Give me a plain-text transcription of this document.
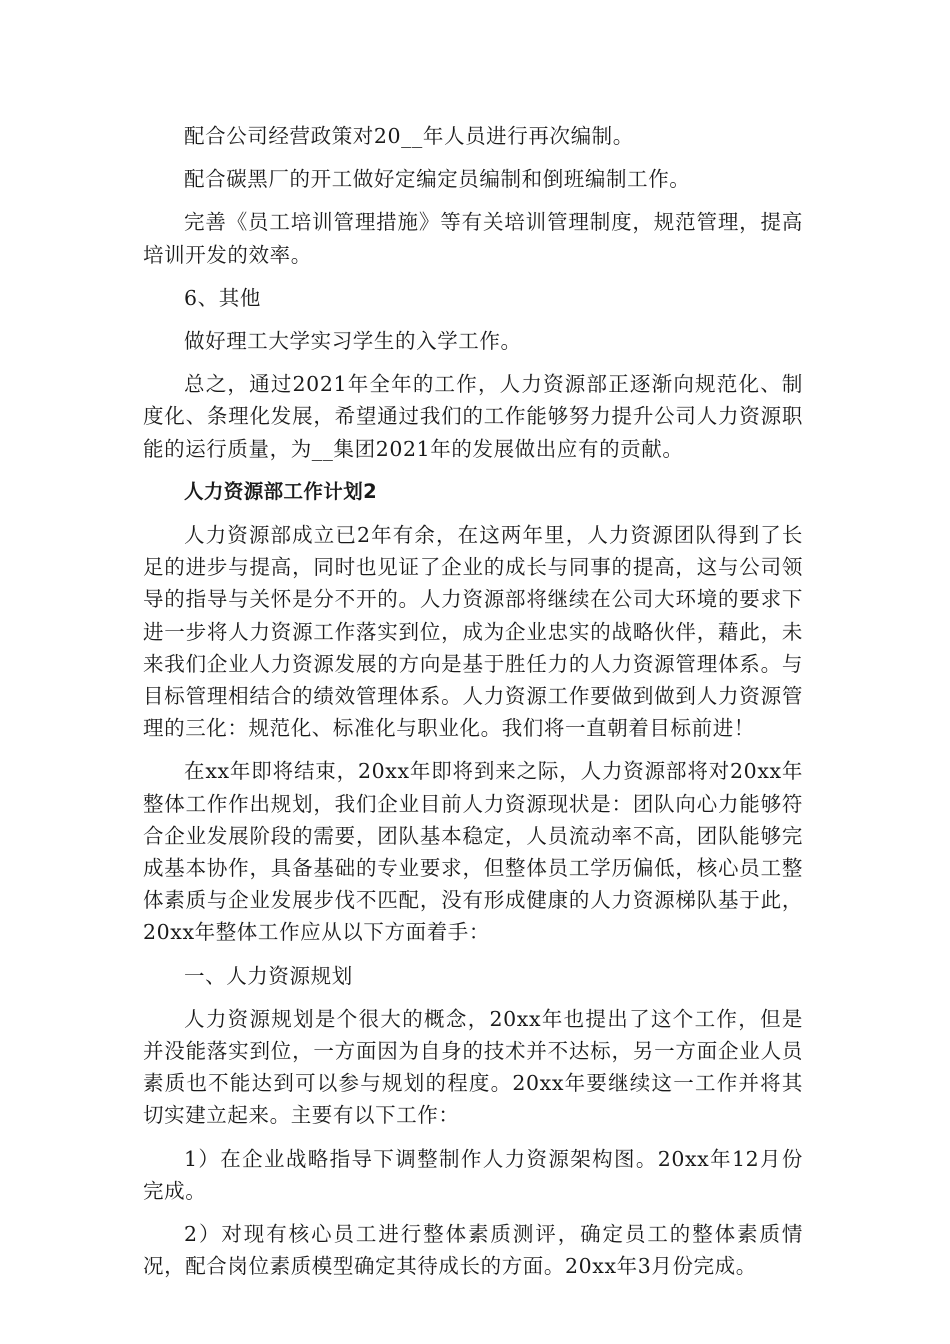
配合公司经营政策对20__年人员进行再次编制。

配合碳黑厂的开工做好定编定员编制和倒班编制工作。

完善《员工培训管理措施》等有关培训管理制度，规范管理，提高培训开发的效率。

6、其他

做好理工大学实习学生的入学工作。

总之，通过2021年全年的工作，人力资源部正逐渐向规范化、制度化、条理化发展，希望通过我们的工作能够努力提升公司人力资源职能的运行质量，为__集团2021年的发展做出应有的贡献。

人力资源部工作计划2

人力资源部成立已2年有余，在这两年里，人力资源团队得到了长足的进步与提高，同时也见证了企业的成长与同事的提高，这与公司领导的指导与关怀是分不开的。人力资源部将继续在公司大环境的要求下进一步将人力资源工作落实到位，成为企业忠实的战略伙伴，藉此，未来我们企业人力资源发展的方向是基于胜任力的人力资源管理体系。与目标管理相结合的绩效管理体系。人力资源工作要做到做到人力资源管理的三化：规范化、标准化与职业化。我们将一直朝着目标前进！

在xx年即将结束，20xx年即将到来之际，人力资源部将对20xx年整体工作作出规划，我们企业目前人力资源现状是：团队向心力能够符合企业发展阶段的需要，团队基本稳定，人员流动率不高，团队能够完成基本协作，具备基础的专业要求，但整体员工学历偏低，核心员工整体素质与企业发展步伐不匹配，没有形成健康的人力资源梯队基于此，20xx年整体工作应从以下方面着手：

一、人力资源规划

人力资源规划是个很大的概念，20xx年也提出了这个工作，但是并没能落实到位，一方面因为自身的技术并不达标，另一方面企业人员素质也不能达到可以参与规划的程度。20xx年要继续这一工作并将其切实建立起来。主要有以下工作：

1）在企业战略指导下调整制作人力资源架构图。20xx年12月份完成。

2）对现有核心员工进行整体素质测评，确定员工的整体素质情况，配合岗位素质模型确定其待成长的方面。20xx年3月份完成。
